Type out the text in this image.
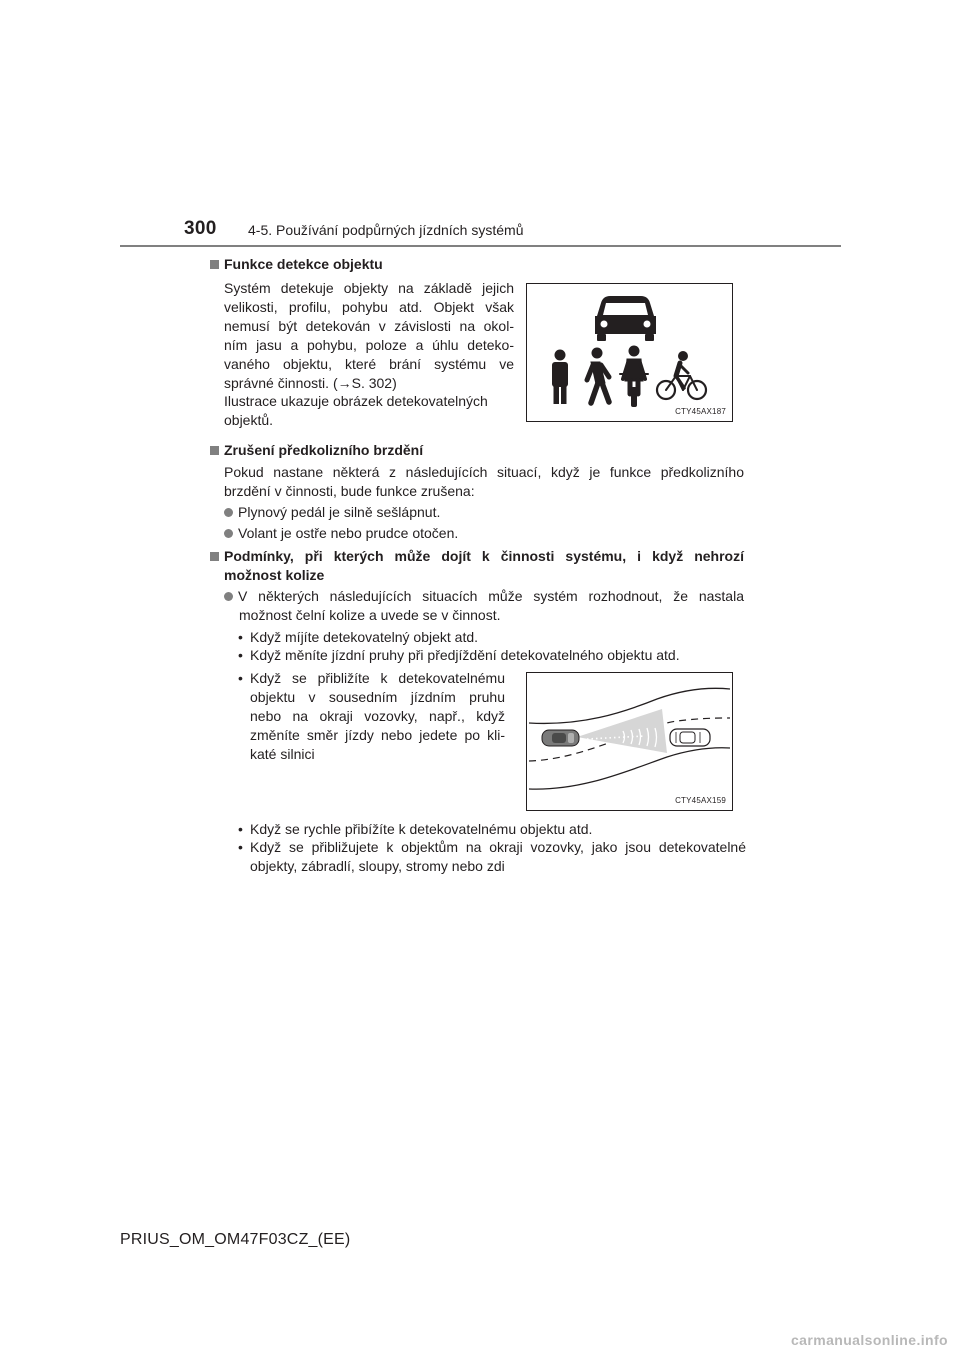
300 4-5. Používání podpůrných jízdních systémů
Funkce detekce objektu
Systém detekuje objekty na základě jejich
velikosti, profilu, pohybu atd. Objekt však
nemusí být detekován v závislosti na okol-
ním jasu a pohybu, poloze a úhlu deteko-
vaného objektu, které brání systému ve
správné činnosti. (→S. 302)
Ilustrace ukazuje obrázek detekovatelných
objektů.
CTY45AX187
Zrušení předkolizního brzdění
Pokud nastane některá z následujících situací, když je funkce předkolizního
brzdění v činnosti, bude funkce zrušena:
Plynový pedál je silně sešlápnut.
Volant je ostře nebo prudce otočen.
Podmínky, při kterých může dojít k činnosti systému, i když nehrozí
možnost kolize
V některých následujících situacích může systém rozhodnout, že nastala
možnost čelní kolize a uvede se v činnost.
• Když míjíte detekovatelný objekt atd.
• Když měníte jízdní pruhy při předjíždění detekovatelného objektu atd.
• Když se přibližíte k detekovatelnému
objektu v sousedním jízdním pruhu
nebo na okraji vozovky, např., když
změníte směr jízdy nebo jedete po kli-
katé silnici
CTY45AX159
• Když se rychle přibížíte k detekovatelnému objektu atd.
• Když se přibližujete k objektům na okraji vozovky, jako jsou detekovatelné
objekty, zábradlí, sloupy, stromy nebo zdi
PRIUS_OM_OM47F03CZ_(EE)
carmanualsonline.info
